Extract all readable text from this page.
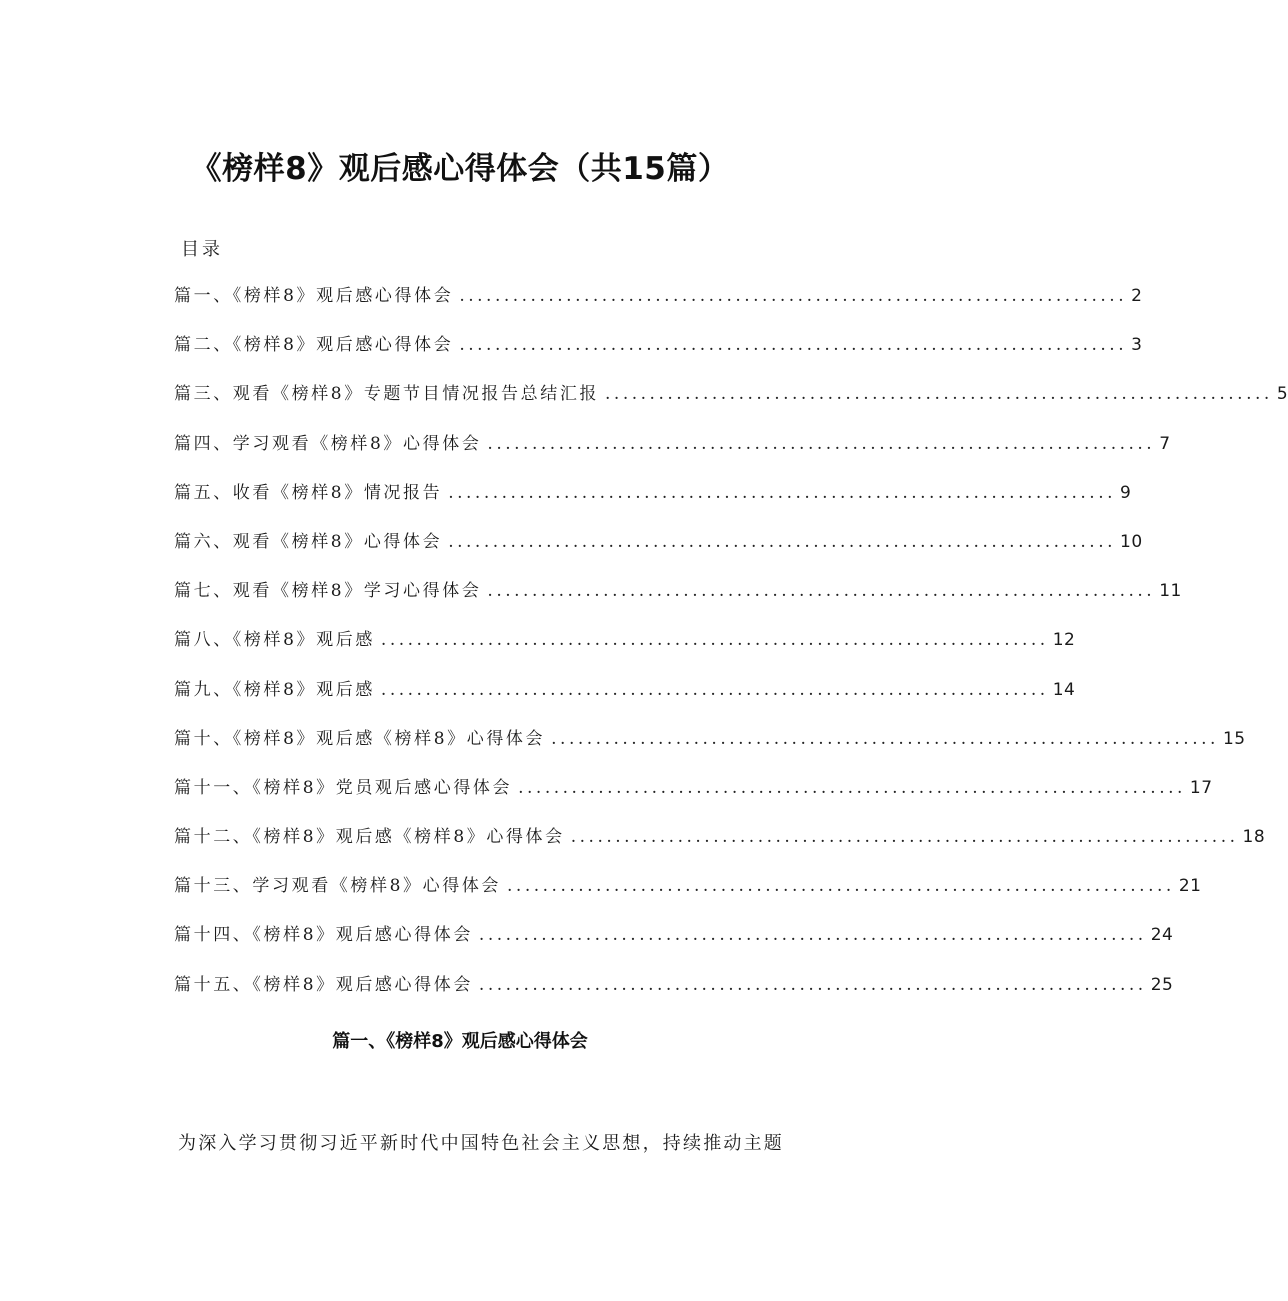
《榜样8》观后感心得体会（共15篇）
目录
篇一、《榜样8》观后感心得体会 ........................................................................... 2
篇二、《榜样8》观后感心得体会 ........................................................................... 3
篇三、观看《榜样8》专题节目情况报告总结汇报 ........................................................................... 5
篇四、学习观看《榜样8》心得体会 ........................................................................... 7
篇五、收看《榜样8》情况报告 ........................................................................... 9
篇六、观看《榜样8》心得体会 ........................................................................... 10
篇七、观看《榜样8》学习心得体会 ........................................................................... 11
篇八、《榜样8》观后感 ........................................................................... 12
篇九、《榜样8》观后感 ........................................................................... 14
篇十、《榜样8》观后感《榜样8》心得体会 ........................................................................... 15
篇十一、《榜样8》党员观后感心得体会 ........................................................................... 17
篇十二、《榜样8》观后感《榜样8》心得体会 ........................................................................... 18
篇十三、学习观看《榜样8》心得体会 ........................................................................... 21
篇十四、《榜样8》观后感心得体会 ........................................................................... 24
篇十五、《榜样8》观后感心得体会 ........................................................................... 25
篇一、《榜样8》观后感心得体会

为深入学习贯彻习近平新时代中国特色社会主义思想，持续推动主题
